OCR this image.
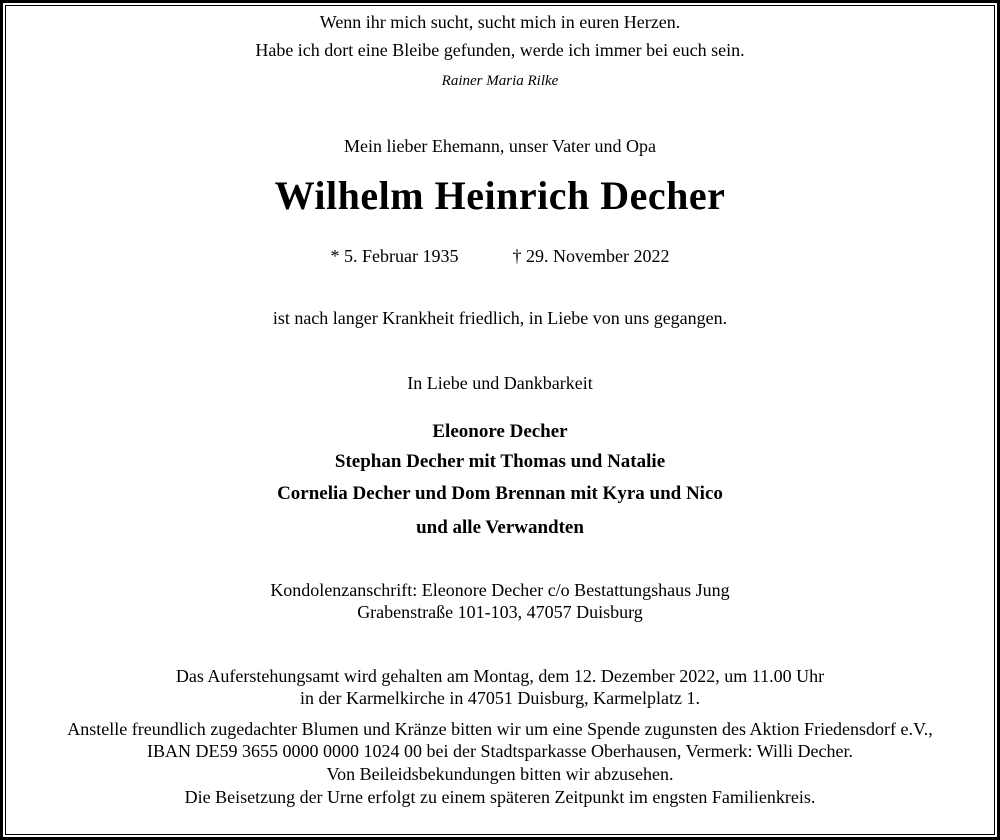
Wenn ihr mich sucht, sucht mich in euren Herzen.
Habe ich dort eine Bleibe gefunden, werde ich immer bei euch sein.
Rainer Maria Rilke
Mein lieber Ehemann, unser Vater und Opa
Wilhelm Heinrich Decher
* 5. Februar 1935	† 29. November 2022
ist nach langer Krankheit friedlich, in Liebe von uns gegangen.
In Liebe und Dankbarkeit
Eleonore Decher
Stephan Decher mit Thomas und Natalie
Cornelia Decher und Dom Brennan mit Kyra und Nico
und alle Verwandten
Kondolenzanschrift: Eleonore Decher c/o Bestattungshaus Jung
Grabenstraße 101-103, 47057 Duisburg
Das Auferstehungsamt wird gehalten am Montag, dem 12. Dezember 2022, um 11.00 Uhr
in der Karmelkirche in 47051 Duisburg, Karmelplatz 1.
Anstelle freundlich zugedachter Blumen und Kränze bitten wir um eine Spende zugunsten des Aktion Friedensdorf e.V.,
IBAN DE59 3655 0000 0000 1024 00 bei der Stadtsparkasse Oberhausen, Vermerk: Willi Decher.
Von Beileidsbekundungen bitten wir abzusehen.
Die Beisetzung der Urne erfolgt zu einem späteren Zeitpunkt im engsten Familienkreis.
